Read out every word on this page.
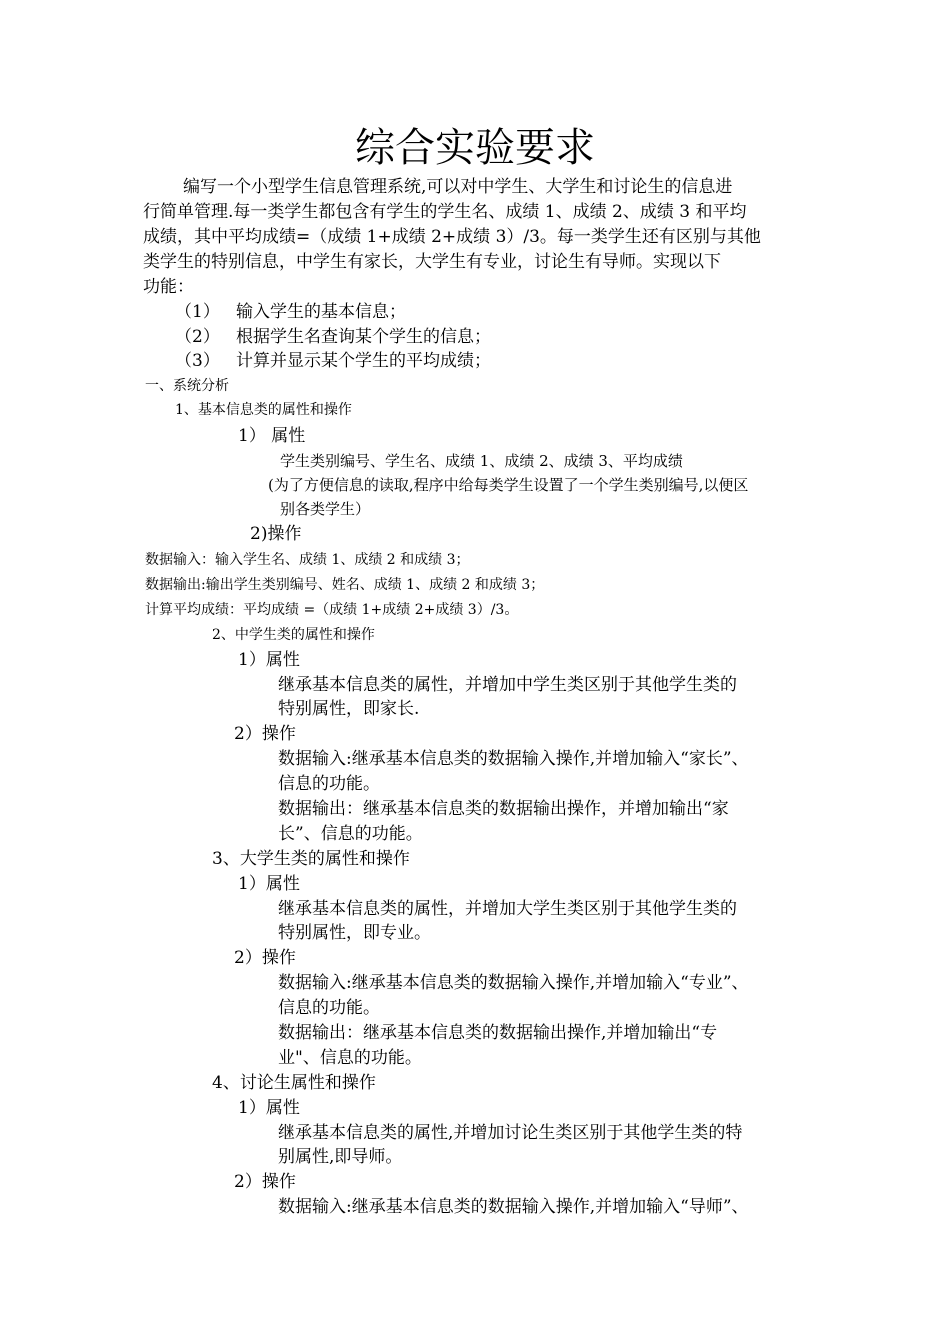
综合实验要求
编写一个小型学生信息管理系统,可以对中学生、大学生和讨论生的信息进
行简单管理.每一类学生都包含有学生的学生名、成绩 1、成绩 2、成绩 3 和平均
成绩，其中平均成绩=（成绩 1+成绩 2+成绩 3）/3。每一类学生还有区别与其他
类学生的特别信息，中学生有家长，大学生有专业，讨论生有导师。实现以下
功能：
（1） 输入学生的基本信息；
（2） 根据学生名查询某个学生的信息；
（3） 计算并显示某个学生的平均成绩；
一、系统分析
1、基本信息类的属性和操作
1） 属性
学生类别编号、学生名、成绩 1、成绩 2、成绩 3、平均成绩
(为了方便信息的读取,程序中给每类学生设置了一个学生类别编号,以便区
别各类学生）
2)操作
数据输入：输入学生名、成绩 1、成绩 2 和成绩 3；
数据输出:输出学生类别编号、姓名、成绩 1、成绩 2 和成绩 3；
计算平均成绩：平均成绩 =（成绩 1+成绩 2+成绩 3）/3。
2、中学生类的属性和操作
1）属性
继承基本信息类的属性，并增加中学生类区别于其他学生类的
特别属性，即家长.
2）操作
数据输入:继承基本信息类的数据输入操作,并增加输入“家长”、
信息的功能。
数据输出：继承基本信息类的数据输出操作，并增加输出“家
长”、信息的功能。
3、大学生类的属性和操作
1）属性
继承基本信息类的属性，并增加大学生类区别于其他学生类的
特别属性，即专业。
2）操作
数据输入:继承基本信息类的数据输入操作,并增加输入“专业”、
信息的功能。
数据输出：继承基本信息类的数据输出操作,并增加输出“专
业"、信息的功能。
4、讨论生属性和操作
1）属性
继承基本信息类的属性,并增加讨论生类区别于其他学生类的特
别属性,即导师。
2）操作
数据输入:继承基本信息类的数据输入操作,并增加输入“导师”、
